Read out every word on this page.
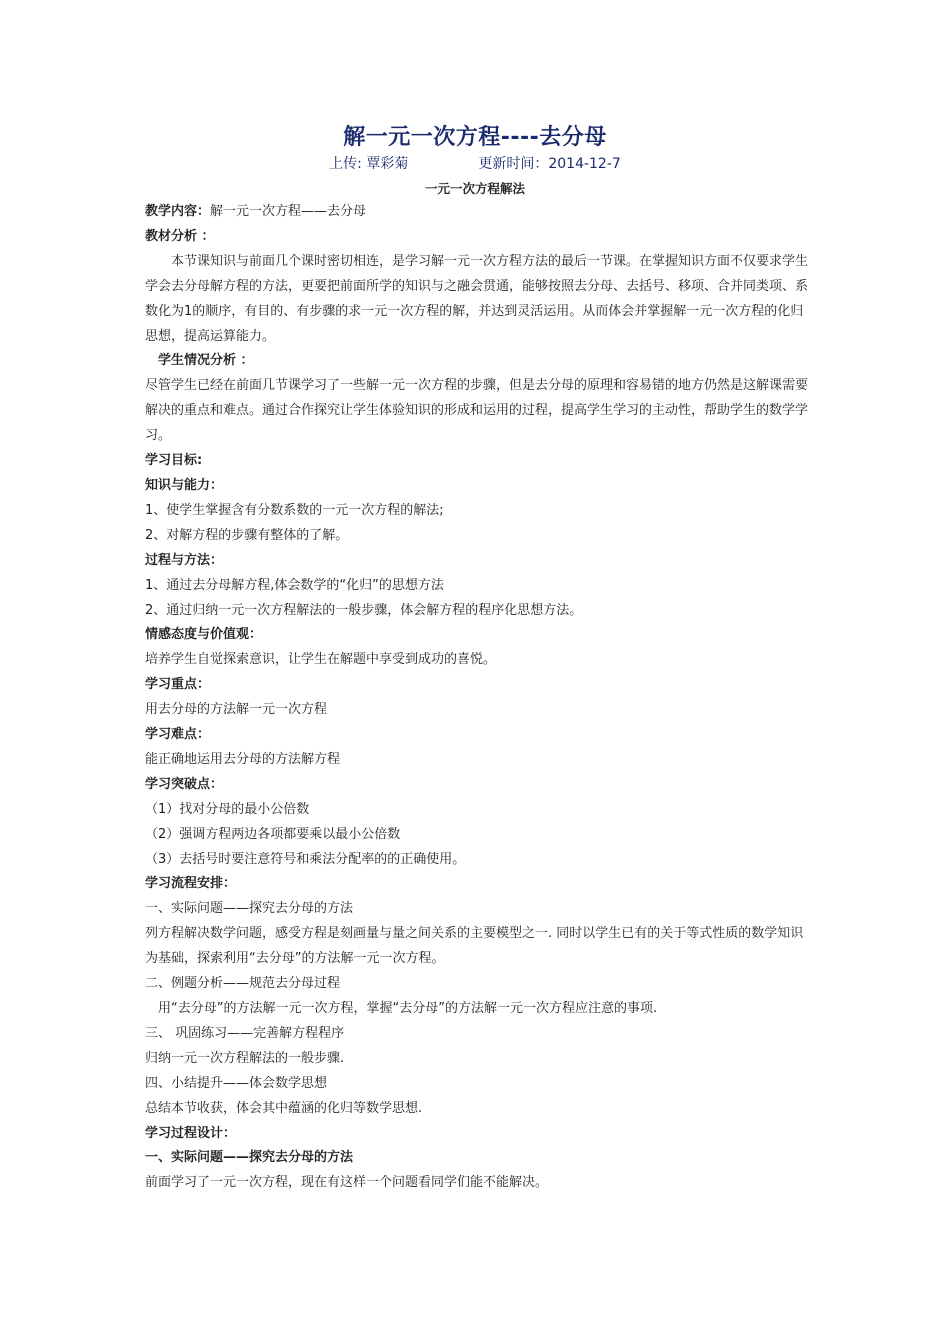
解一元一次方程----去分母
上传: 覃彩菊	更新时间：2014-12-7
一元一次方程解法

教学内容：解一元一次方程——去分母

教材分析 ：

本节课知识与前面几个课时密切相连，是学习解一元一次方程方法的最后一节课。在掌握知识方面不仅要求学生学会去分母解方程的方法，更要把前面所学的知识与之融会贯通，能够按照去分母、去括号、移项、合并同类项、系数化为1的顺序，有目的、有步骤的求一元一次方程的解，并达到灵活运用。从而体会并掌握解一元一次方程的化归思想，提高运算能力。

学生情况分析 ：

尽管学生已经在前面几节课学习了一些解一元一次方程的步骤，但是去分母的原理和容易错的地方仍然是这解课需要解决的重点和难点。通过合作探究让学生体验知识的形成和运用的过程，提高学生学习的主动性，帮助学生的数学学习。

学习目标:

知识与能力：

1、使学生掌握含有分数系数的一元一次方程的解法;

2、对解方程的步骤有整体的了解。

过程与方法：

1、通过去分母解方程,体会数学的“化归”的思想方法

2、通过归纳一元一次方程解法的一般步骤，体会解方程的程序化思想方法。

情感态度与价值观：

培养学生自觉探索意识，让学生在解题中享受到成功的喜悦。

学习重点：

用去分母的方法解一元一次方程

学习难点：

能正确地运用去分母的方法解方程

学习突破点：

（1）找对分母的最小公倍数

（2）强调方程两边各项都要乘以最小公倍数

（3）去括号时要注意符号和乘法分配率的的正确使用。

学习流程安排：

一、实际问题——探究去分母的方法

列方程解决数学问题，感受方程是刻画量与量之间关系的主要模型之一. 同时以学生已有的关于等式性质的数学知识为基础，探索利用“去分母”的方法解一元一次方程。

二、例题分析——规范去分母过程

用“去分母”的方法解一元一次方程，掌握“去分母”的方法解一元一次方程应注意的事项.

三、 巩固练习——完善解方程程序

归纳一元一次方程解法的一般步骤.

四、小结提升——体会数学思想

总结本节收获，体会其中蕴涵的化归等数学思想.

学习过程设计：

一、实际问题——探究去分母的方法

前面学习了一元一次方程，现在有这样一个问题看同学们能不能解决。
